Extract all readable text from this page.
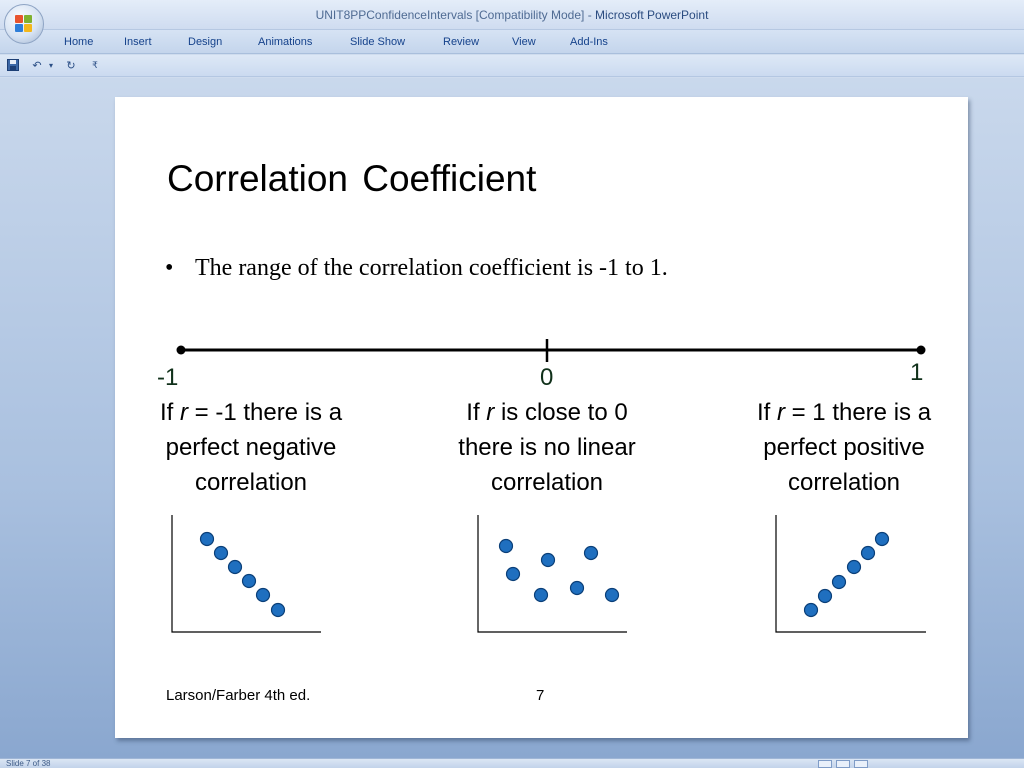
UNIT8PPConfidenceIntervals [Compatibility Mode] - Microsoft PowerPoint
Home	Insert	Design	Animations	Slide Show	Review	View	Add-Ins
↶ ▾	↻	₹
Correlation Coefficient
• The range of the correlation coefficient is -1 to 1.
-1	0	1
If r = -1 there is a perfect negative correlation
If r is close to 0 there is no linear correlation
If r = 1 there is a perfect positive correlation
Larson/Farber 4th ed.	7
Slide 7 of 38
